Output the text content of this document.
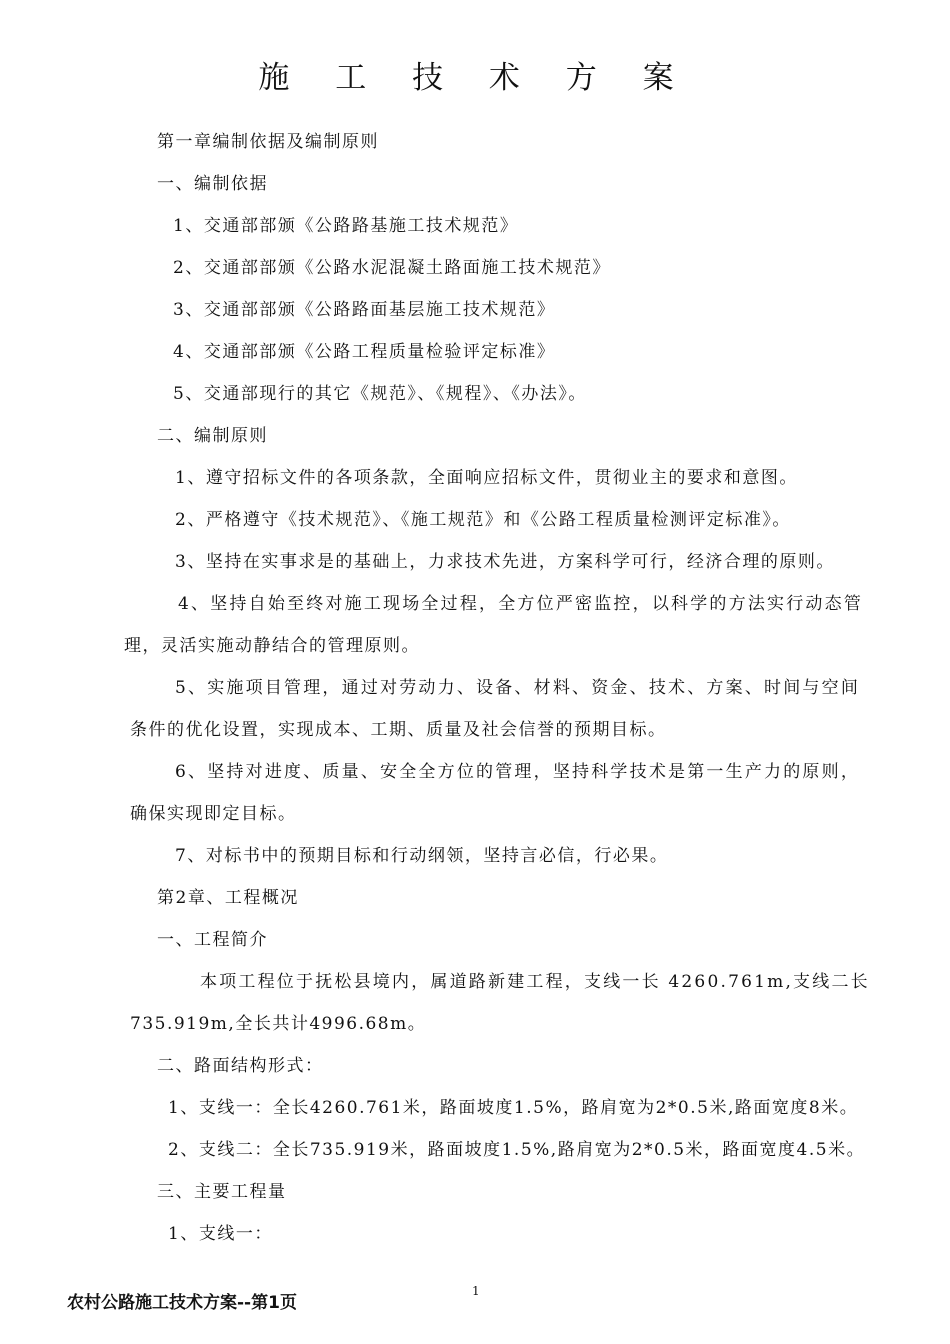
施 工 技 术 方 案
第一章编制依据及编制原则
一、编制依据
1、交通部部颁《公路路基施工技术规范》
2、交通部部颁《公路水泥混凝土路面施工技术规范》
3、交通部部颁《公路路面基层施工技术规范》
4、交通部部颁《公路工程质量检验评定标准》
5、交通部现行的其它《规范》、《规程》、《办法》。
二、编制原则
1、遵守招标文件的各项条款，全面响应招标文件，贯彻业主的要求和意图。
2、严格遵守《技术规范》、《施工规范》和《公路工程质量检测评定标准》。
3、坚持在实事求是的基础上，力求技术先进，方案科学可行，经济合理的原则。
4、坚持自始至终对施工现场全过程，全方位严密监控，以科学的方法实行动态管
理，灵活实施动静结合的管理原则。
5、实施项目管理，通过对劳动力、设备、材料、资金、技术、方案、时间与空间
条件的优化设置，实现成本、工期、质量及社会信誉的预期目标。
6、坚持对进度、质量、安全全方位的管理，坚持科学技术是第一生产力的原则，
确保实现即定目标。
7、对标书中的预期目标和行动纲领，坚持言必信，行必果。
第2章、工程概况
一、工程简介
本项工程位于抚松县境内，属道路新建工程，支线一长 4260.761m,支线二长
735.919m,全长共计4996.68m。
二、路面结构形式：
1、支线一：全长4260.761米，路面坡度1.5%，路肩宽为2*0.5米,路面宽度8米。
2、支线二：全长735.919米，路面坡度1.5%,路肩宽为2*0.5米，路面宽度4.5米。
三、主要工程量
1、支线一：
1
农村公路施工技术方案--第1页
